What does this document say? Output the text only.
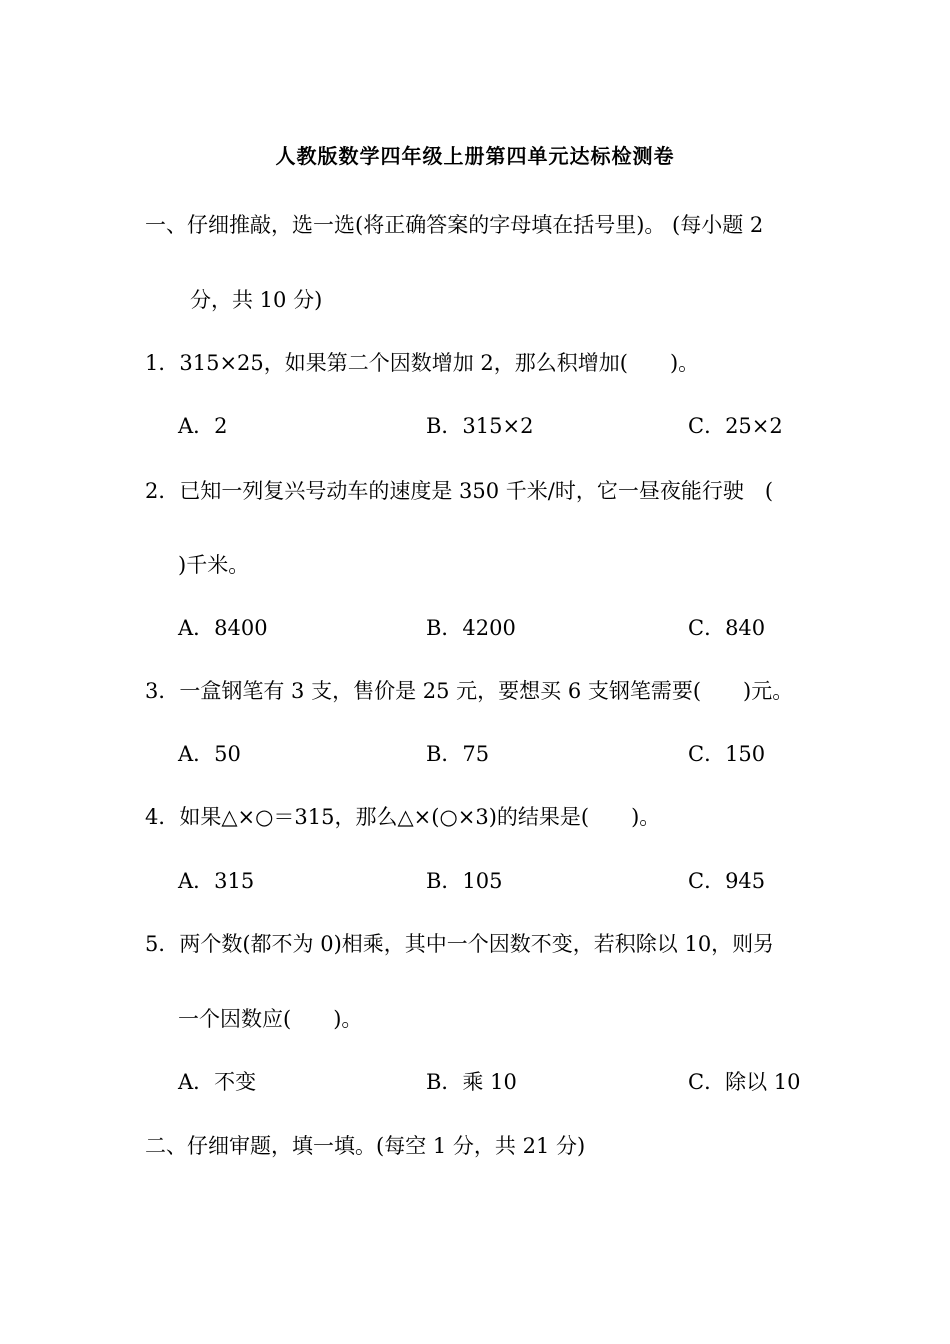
人教版数学四年级上册第四单元达标检测卷
一、仔细推敲，选一选(将正确答案的字母填在括号里)。 (每小题 2
分，共 10 分)
1．315×25，如果第二个因数增加 2，那么积增加(　　)。
A．2	B．315×2	C．25×2
2．已知一列复兴号动车的速度是 350 千米/时，它一昼夜能行驶　(
)千米。
A．8400	B．4200	C．840
3．一盒钢笔有 3 支，售价是 25 元，要想买 6 支钢笔需要(　　)元。
A．50	B．75	C．150
4．如果△×○＝315，那么△×(○×3)的结果是(　　)。
A．315	B．105	C．945
5．两个数(都不为 0)相乘，其中一个因数不变，若积除以 10，则另
一个因数应(　　)。
A．不变	B．乘 10	C．除以 10
二、仔细审题，填一填。(每空 1 分，共 21 分)
